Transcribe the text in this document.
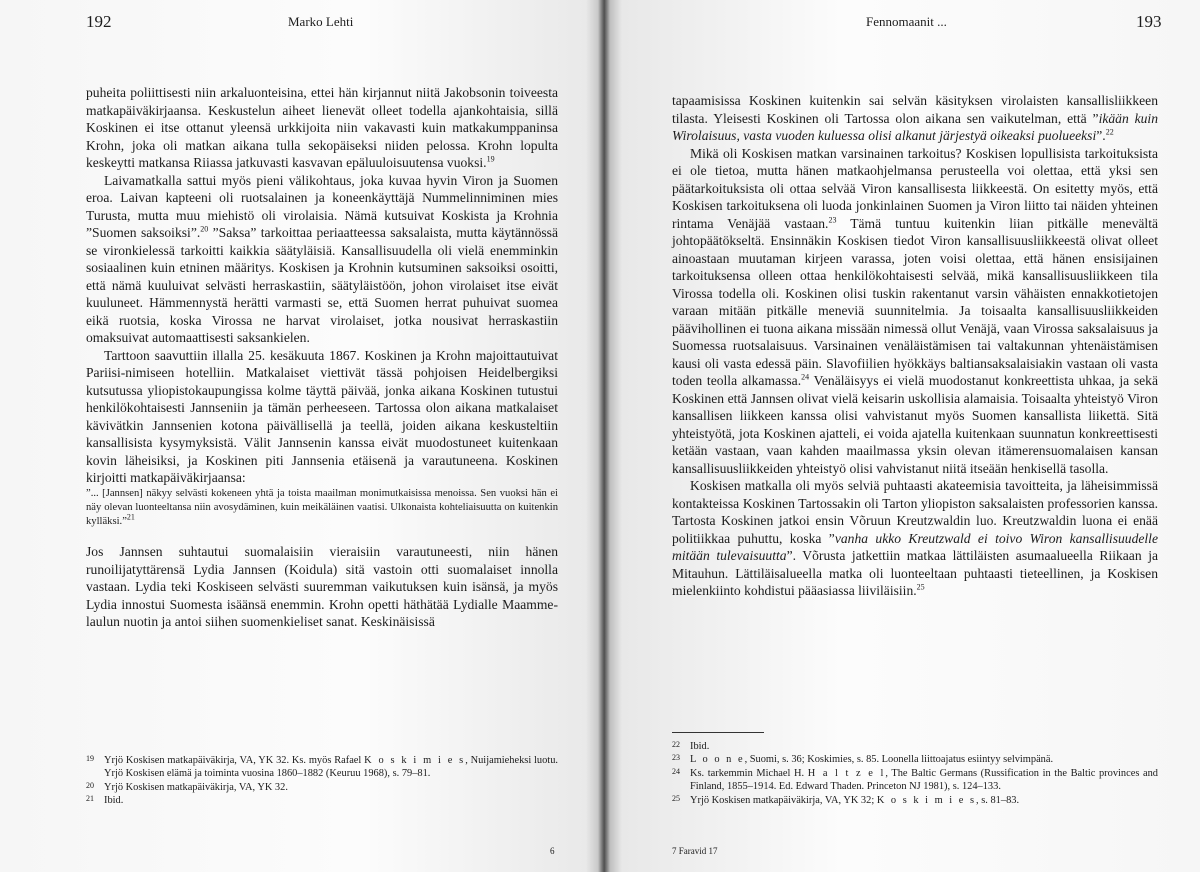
192	Marko Lehti

puheita poliittisesti niin arkaluonteisina, ettei hän kirjannut niitä Jakobsonin toiveesta matkapäiväkirjaansa. Keskustelun aiheet lienevät olleet todella ajankohtaisia, sillä Koskinen ei itse ottanut yleensä urkkijoita niin vakavasti kuin matkakumppaninsa Krohn, joka oli matkan aikana tulla sekopäiseksi niiden pelossa. Krohn lopulta keskeytti matkansa Riiassa jatkuvasti kasvavan epäluuloisuutensa vuoksi.$^{19}$

Laivamatkalla sattui myös pieni välikohtaus, joka kuvaa hyvin Viron ja Suomen eroa. Laivan kapteeni oli ruotsalainen ja koneenkäyttäjä Nummelinniminen mies Turusta, mutta muu miehistö oli virolaisia. Nämä kutsuivat Koskista ja Krohnia ”Suomen saksoiksi”.$^{20}$ ”Saksa” tarkoittaa periaatteessa saksalaista, mutta käytännössä se vironkielessä tarkoitti kaikkia säätyläisiä. Kansallisuudella oli vielä enemminkin sosiaalinen kuin etninen määritys. Koskisen ja Krohnin kutsuminen saksoiksi osoitti, että nämä kuuluivat selvästi herraskastiin, säätyläistöön, johon virolaiset itse eivät kuuluneet. Hämmennystä herätti varmasti se, että Suomen herrat puhuivat suomea eikä ruotsia, koska Virossa ne harvat virolaiset, jotka nousivat herraskastiin omaksuivat automaattisesti saksankielen.

Tarttoon saavuttiin illalla 25. kesäkuuta 1867. Koskinen ja Krohn majoittautuivat Pariisi-nimiseen hotelliin. Matkalaiset viettivät tässä pohjoisen Heidelbergiksi kutsutussa yliopistokaupungissa kolme täyttä päivää, jonka aikana Koskinen tutustui henkilökohtaisesti Jannseniin ja tämän perheeseen. Tartossa olon aikana matkalaiset kävivätkin Jannsenien kotona päivällisellä ja teellä, joiden aikana keskusteltiin kansallisista kysymyksistä. Välit Jannsenin kanssa eivät muodostuneet kuitenkaan kovin läheisiksi, ja Koskinen piti Jannsenia etäisenä ja varautuneena. Koskinen kirjoitti matkapäiväkirjaansa:

”... [Jannsen] näkyy selvästi kokeneen yhtä ja toista maailman monimutkaisissa menoissa. Sen vuoksi hän ei näy olevan luonteeltansa niin avosydäminen, kuin meikäläinen vaatisi. Ulkonaista kohteliaisuutta on kuitenkin kylläksi.”$^{21}$

Jos Jannsen suhtautui suomalaisiin vieraisiin varautuneesti, niin hänen runoilijatyttärensä Lydia Jannsen (Koidula) sitä vastoin otti suomalaiset innolla vastaan. Lydia teki Koskiseen selvästi suuremman vaikutuksen kuin isänsä, ja myös Lydia innostui Suomesta isäänsä enemmin. Krohn opetti häthätää Lydialle Maamme-laulun nuotin ja antoi siihen suomenkieliset sanat. Keskinäisissä

19 Yrjö Koskisen matkapäiväkirja, VA, YK 32. Ks. myös Rafael K o s k i m i e s, Nuijamieheksi luotu. Yrjö Koskisen elämä ja toiminta vuosina 1860–1882 (Keuruu 1968), s. 79–81.
20 Yrjö Koskisen matkapäiväkirja, VA, YK 32.
21 Ibid.
6
Fennomaanit ...	193

tapaamisissa Koskinen kuitenkin sai selvän käsityksen virolaisten kansallisliikkeen tilasta. Yleisesti Koskinen oli Tartossa olon aikana sen vaikutelman, että ”ikään kuin Wirolaisuus, vasta vuoden kuluessa olisi alkanut järjestyä oikeaksi puolueeksi”.$^{22}$

Mikä oli Koskisen matkan varsinainen tarkoitus? Koskisen lopullisista tarkoituksista ei ole tietoa, mutta hänen matkaohjelmansa perusteella voi olettaa, että yksi sen päätarkoituksista oli ottaa selvää Viron kansallisesta liikkeestä. On esitetty myös, että Koskisen tarkoituksena oli luoda jonkinlainen Suomen ja Viron liitto tai näiden yhteinen rintama Venäjää vastaan.$^{23}$ Tämä tuntuu kuitenkin liian pitkälle menevältä johtopäätökseltä. Ensinnäkin Koskisen tiedot Viron kansallisuusliikkeestä olivat olleet ainoastaan muutaman kirjeen varassa, joten voisi olettaa, että hänen ensisijainen tarkoituksensa olleen ottaa henkilökohtaisesti selvää, mikä kansallisuusliikkeen tila Virossa todella oli. Koskinen olisi tuskin rakentanut varsin vähäisten ennakkotietojen varaan mitään pitkälle meneviä suunnitelmia. Ja toisaalta kansallisuusliikkeiden päävihollinen ei tuona aikana missään nimessä ollut Venäjä, vaan Virossa saksalaisuus ja Suomessa ruotsalaisuus. Varsinainen venäläistämisen tai valtakunnan yhtenäistämisen kausi oli vasta edessä päin. Slavofiilien hyökkäys baltiansaksalaisiakin vastaan oli vasta toden teolla alkamassa.$^{24}$ Venäläisyys ei vielä muodostanut konkreettista uhkaa, ja sekä Koskinen että Jannsen olivat vielä keisarin uskollisia alamaisia. Toisaalta yhteistyö Viron kansallisen liikkeen kanssa olisi vahvistanut myös Suomen kansallista liikettä. Sitä yhteistyötä, jota Koskinen ajatteli, ei voida ajatella kuitenkaan suunnatun konkreettisesti ketään vastaan, vaan kahden maailmassa yksin olevan itämerensuomalaisen kansan kansallisuusliikkeiden yhteistyö olisi vahvistanut niitä itseään henkisellä tasolla.

Koskisen matkalla oli myös selviä puhtaasti akateemisia tavoitteita, ja läheisimmissä kontakteissa Koskinen Tartossakin oli Tarton yliopiston saksalaisten professorien kanssa. Tartosta Koskinen jatkoi ensin Võruun Kreutzwaldin luo. Kreutzwaldin luona ei enää politiikkaa puhuttu, koska ”vanha ukko Kreutzwald ei toivo Wiron kansallisuudelle mitään tulevaisuutta”. Võrusta jatkettiin matkaa lättiläisten asumaalueella Riikaan ja Mitauhun. Lättiläisalueella matka oli luonteeltaan puhtaasti tieteellinen, ja Koskisen mielenkiinto kohdistui pääasiassa liiviläisiin.$^{25}$

22 Ibid.
23 L o o n e, Suomi, s. 36; Koskimies, s. 85. Loonella liittoajatus esiintyy selvimpänä.
24 Ks. tarkemmin Michael H. H a l t z e l, The Baltic Germans (Russification in the Baltic provinces and Finland, 1855–1914. Ed. Edward Thaden. Princeton NJ 1981), s. 124–133.
25 Yrjö Koskisen matkapäiväkirja, VA, YK 32; K o s k i m i e s, s. 81–83.
7 Faravid 17
